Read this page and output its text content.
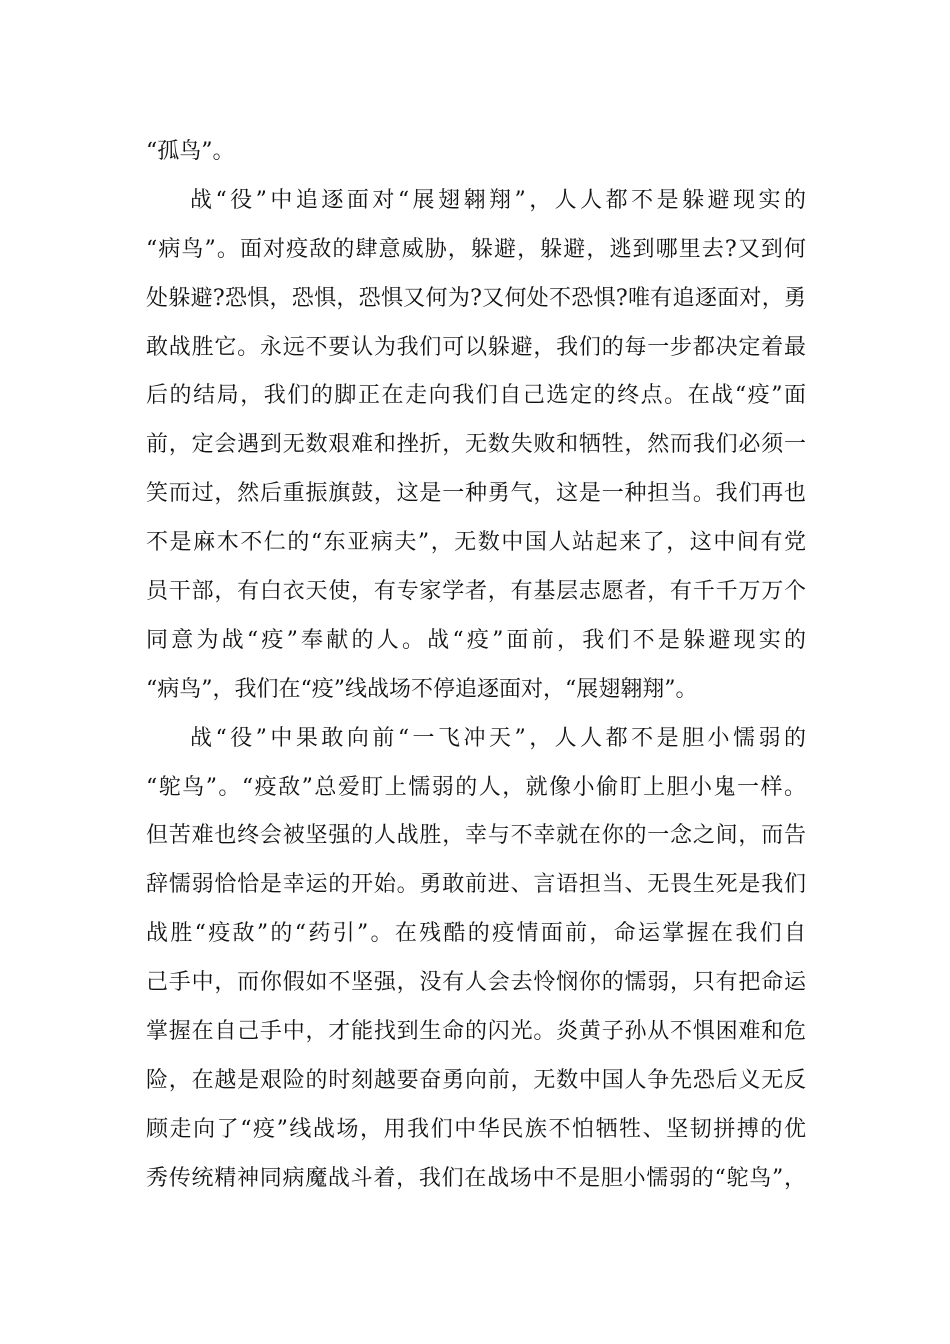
“孤鸟”。
战“役”中追逐面对“展翅翱翔”，人人都不是躲避现实的
“病鸟”。面对疫敌的肆意威胁，躲避，躲避，逃到哪里去?又到何
处躲避?恐惧，恐惧，恐惧又何为?又何处不恐惧?唯有追逐面对，勇
敢战胜它。永远不要认为我们可以躲避，我们的每一步都决定着最
后的结局，我们的脚正在走向我们自己选定的终点。在战“疫”面
前，定会遇到无数艰难和挫折，无数失败和牺牲，然而我们必须一
笑而过，然后重振旗鼓，这是一种勇气，这是一种担当。我们再也
不是麻木不仁的“东亚病夫”，无数中国人站起来了，这中间有党
员干部，有白衣天使，有专家学者，有基层志愿者，有千千万万个
同意为战“疫”奉献的人。战“疫”面前，我们不是躲避现实的
“病鸟”，我们在“疫”线战场不停追逐面对，“展翅翱翔”。
战“役”中果敢向前“一飞冲天”，人人都不是胆小懦弱的
“鸵鸟”。“疫敌”总爱盯上懦弱的人，就像小偷盯上胆小鬼一样。
但苦难也终会被坚强的人战胜，幸与不幸就在你的一念之间，而告
辞懦弱恰恰是幸运的开始。勇敢前进、言语担当、无畏生死是我们
战胜“疫敌”的“药引”。在残酷的疫情面前，命运掌握在我们自
己手中，而你假如不坚强，没有人会去怜悯你的懦弱，只有把命运
掌握在自己手中，才能找到生命的闪光。炎黄子孙从不惧困难和危
险，在越是艰险的时刻越要奋勇向前，无数中国人争先恐后义无反
顾走向了“疫”线战场，用我们中华民族不怕牺牲、坚韧拼搏的优
秀传统精神同病魔战斗着，我们在战场中不是胆小懦弱的“鸵鸟”，
